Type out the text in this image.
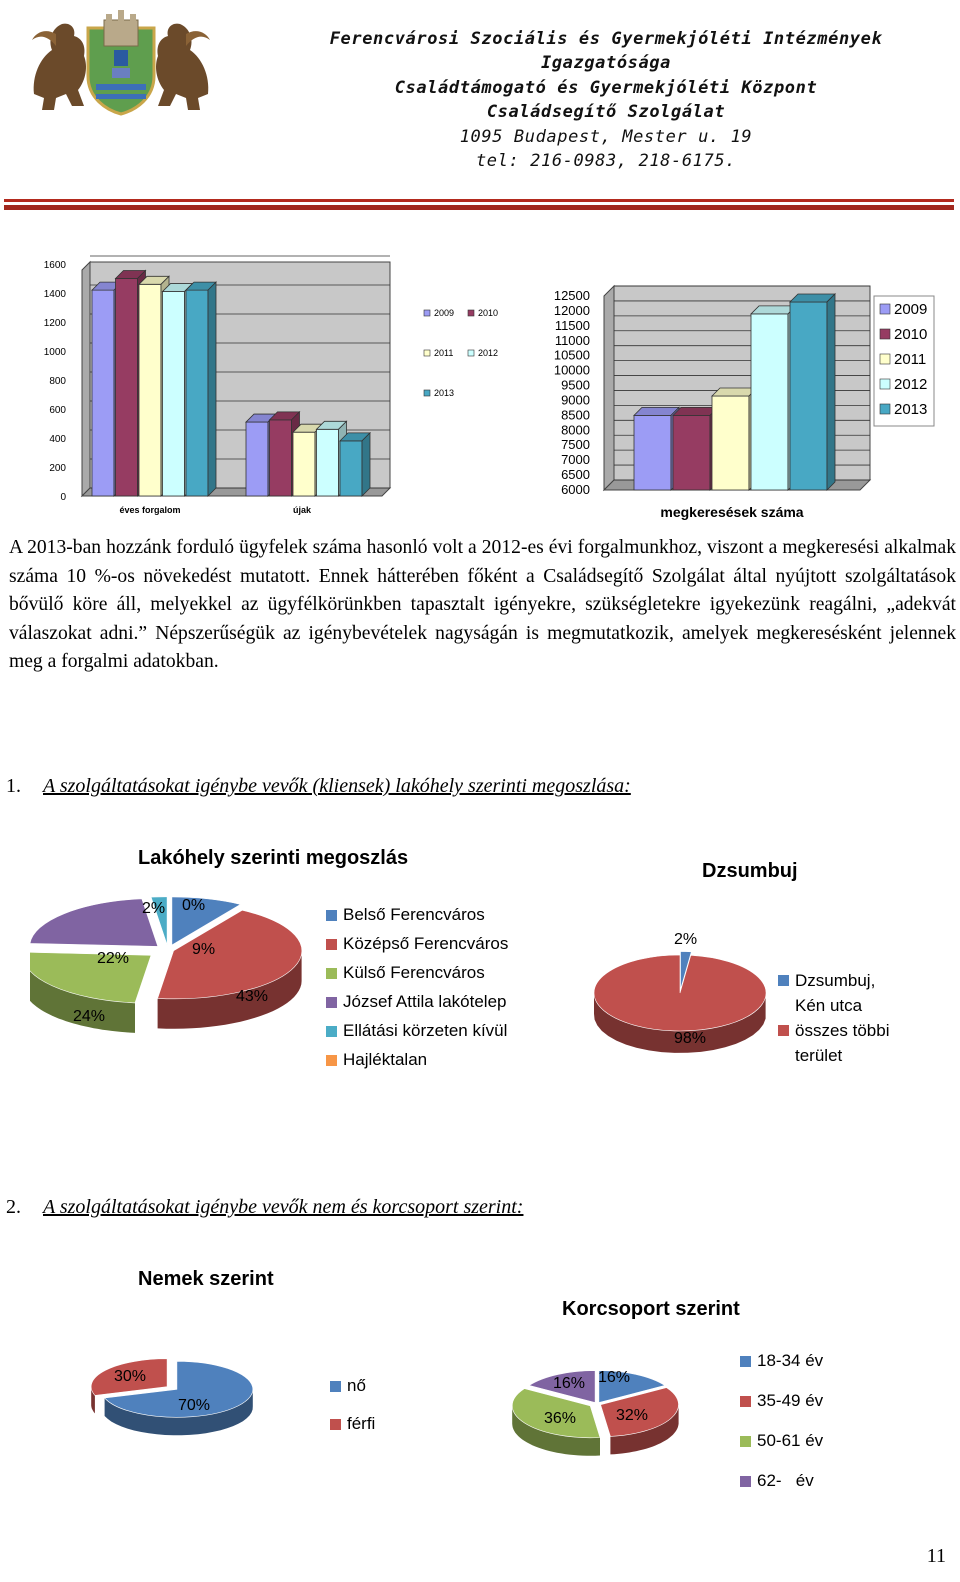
Ferencvárosi Szociális és Gyermekjóléti Intézmények
Igazgatósága
Családtámogató és Gyermekjóléti Központ
Családsegítő Szolgálat
1095 Budapest, Mester u. 19
tel: 216-0983, 218-6175.
0
200
400
600
800
1000
1200
1400
1600
éves forgalom	újak
2009	2010
2011	2012
2013
6000
6500
7000
7500
8000
8500
9000
9500
10000
10500
11000
11500
12000
12500
megkeresések száma
2009
2010
2011
2012
2013

A 2013-ban hozzánk forduló ügyfelek száma hasonló volt a 2012-es évi forgalmunkhoz, viszont a megkeresési alkalmak száma 10 %-os növekedést mutatott. Ennek hátterében főként a Családsegítő Szolgálat által nyújtott szolgáltatások bővülő köre áll, melyekkel az ügyfélkörünkben tapasztalt igényekre, szükségletekre igyekezünk reagálni, „adekvát válaszokat adni.” Népszerűségük az igénybevételek nagyságán is megmutatkozik, amelyek megkeresésként jelennek meg a forgalmi adatokban.

1. A szolgáltatásokat igénybe vevők (kliensek) lakóhely szerinti megoszlása:
Lakóhely szerinti megoszlás
2% 0%
9%
22%
43%
24%
Belső Ferencváros
Középső Ferencváros
Külső Ferencváros
József Attila lakótelep
Ellátási körzeten kívül
Hajléktalan
Dzsumbuj
2%
98%
Dzsumbuj, Kén utca
összes többi terület
2. A szolgáltatásokat igénybe vevők nem és korcsoport szerint:
Nemek szerint
30%
70%
nő
férfi
Korcsoport szerint
16% 16%
36% 32%
18-34 év
35-49 év
50-61 év
62-   év
11
